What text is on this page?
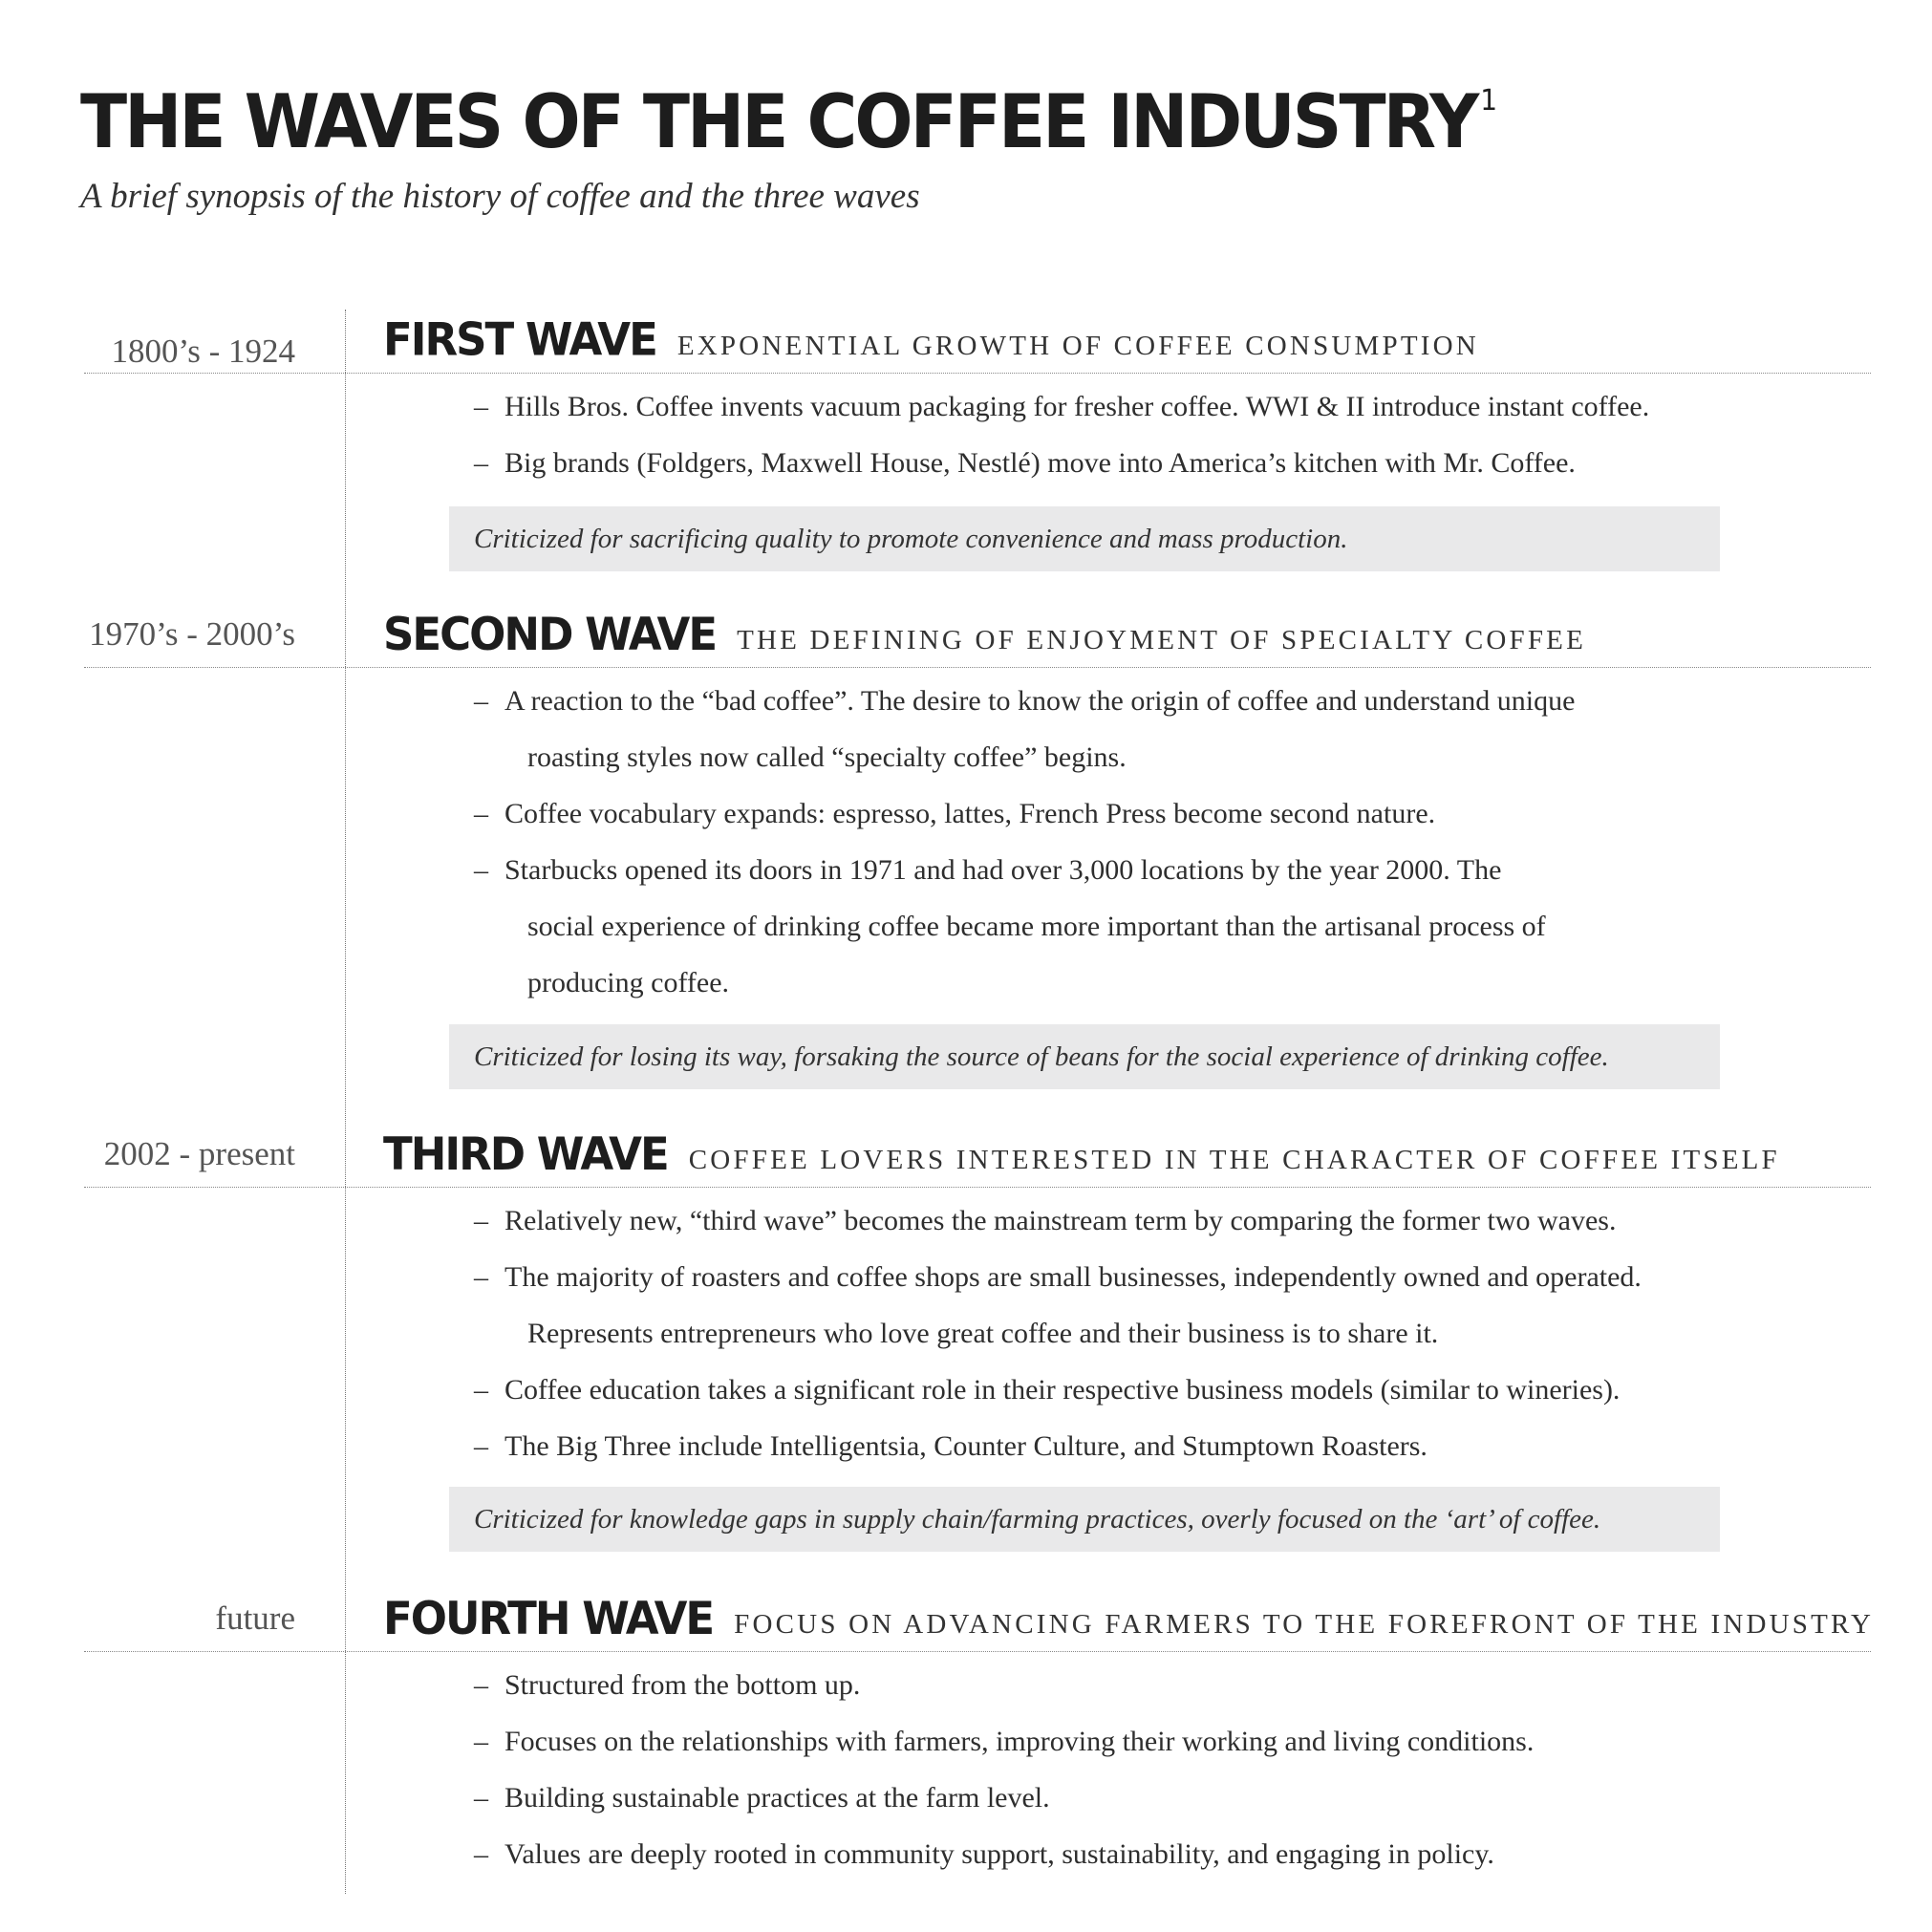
THE WAVES OF THE COFFEE INDUSTRY $^1$
A brief synopsis of the history of coffee and the three waves
1800’s - 1924 FIRST WAVE EXPONENTIAL GROWTH OF COFFEE CONSUMPTION
– Hills Bros. Coffee invents vacuum packaging for fresher coffee. WWI & II introduce instant coffee.
– Big brands (Foldgers, Maxwell House, Nestlé) move into America’s kitchen with Mr. Coffee.
Criticized for sacrificing quality to promote convenience and mass production.
1970’s - 2000’s SECOND WAVE THE DEFINING OF ENJOYMENT OF SPECIALTY COFFEE
– A reaction to the “bad coffee”. The desire to know the origin of coffee and understand unique
roasting styles now called “specialty coffee” begins.
– Coffee vocabulary expands: espresso, lattes, French Press become second nature.
– Starbucks opened its doors in 1971 and had over 3,000 locations by the year 2000. The
social experience of drinking coffee became more important than the artisanal process of
producing coffee.
Criticized for losing its way, forsaking the source of beans for the social experience of drinking coffee.
2002 - present THIRD WAVE COFFEE LOVERS INTERESTED IN THE CHARACTER OF COFFEE ITSELF
– Relatively new, “third wave” becomes the mainstream term by comparing the former two waves.
– The majority of roasters and coffee shops are small businesses, independently owned and operated.
Represents entrepreneurs who love great coffee and their business is to share it.
– Coffee education takes a significant role in their respective business models (similar to wineries).
– The Big Three include Intelligentsia, Counter Culture, and Stumptown Roasters.
Criticized for knowledge gaps in supply chain/farming practices, overly focused on the ‘art’ of coffee.
future FOURTH WAVE FOCUS ON ADVANCING FARMERS TO THE FOREFRONT OF THE INDUSTRY
– Structured from the bottom up.
– Focuses on the relationships with farmers, improving their working and living conditions.
– Building sustainable practices at the farm level.
– Values are deeply rooted in community support, sustainability, and engaging in policy.
